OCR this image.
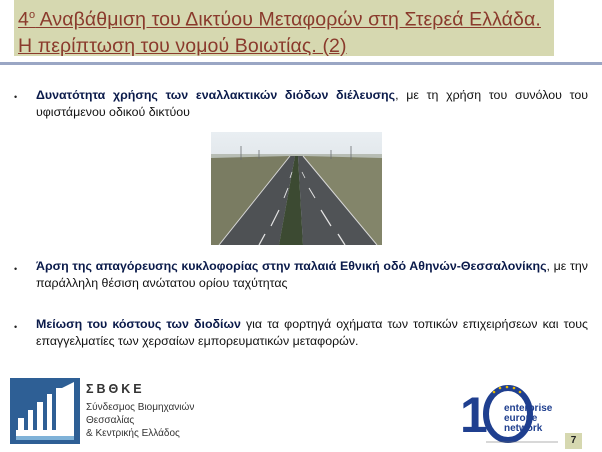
$4^o$ Αναβάθμιση του Δικτύου Μεταφορών στη Στερεά Ελλάδα. Η περίπτωση του νομού Βοιωτίας. (2)
• Δυνατότητα χρήσης των εναλλακτικών διόδων διέλευσης, με τη χρήση του συνόλου του υφιστάμενου οδικού δικτύου

• Άρση της απαγόρευσης κυκλοφορίας στην παλαιά Εθνική οδό Αθηνών-Θεσσαλονίκης, με την παράλληλη θέσιση ανώτατου ορίου ταχύτητας

• Μείωση του κόστους των διοδίων για τα φορτηγά οχήματα των τοπικών επιχειρήσεων και τους επαγγελματίες των χερσαίων εμπορευματικών μεταφορών.

ΣΒΘΚΕ
Σύνδεσμος Βιομηχανιών
Θεσσαλίας
& Κεντρικής Ελλάδος	1 enterprise
europe
network
7
